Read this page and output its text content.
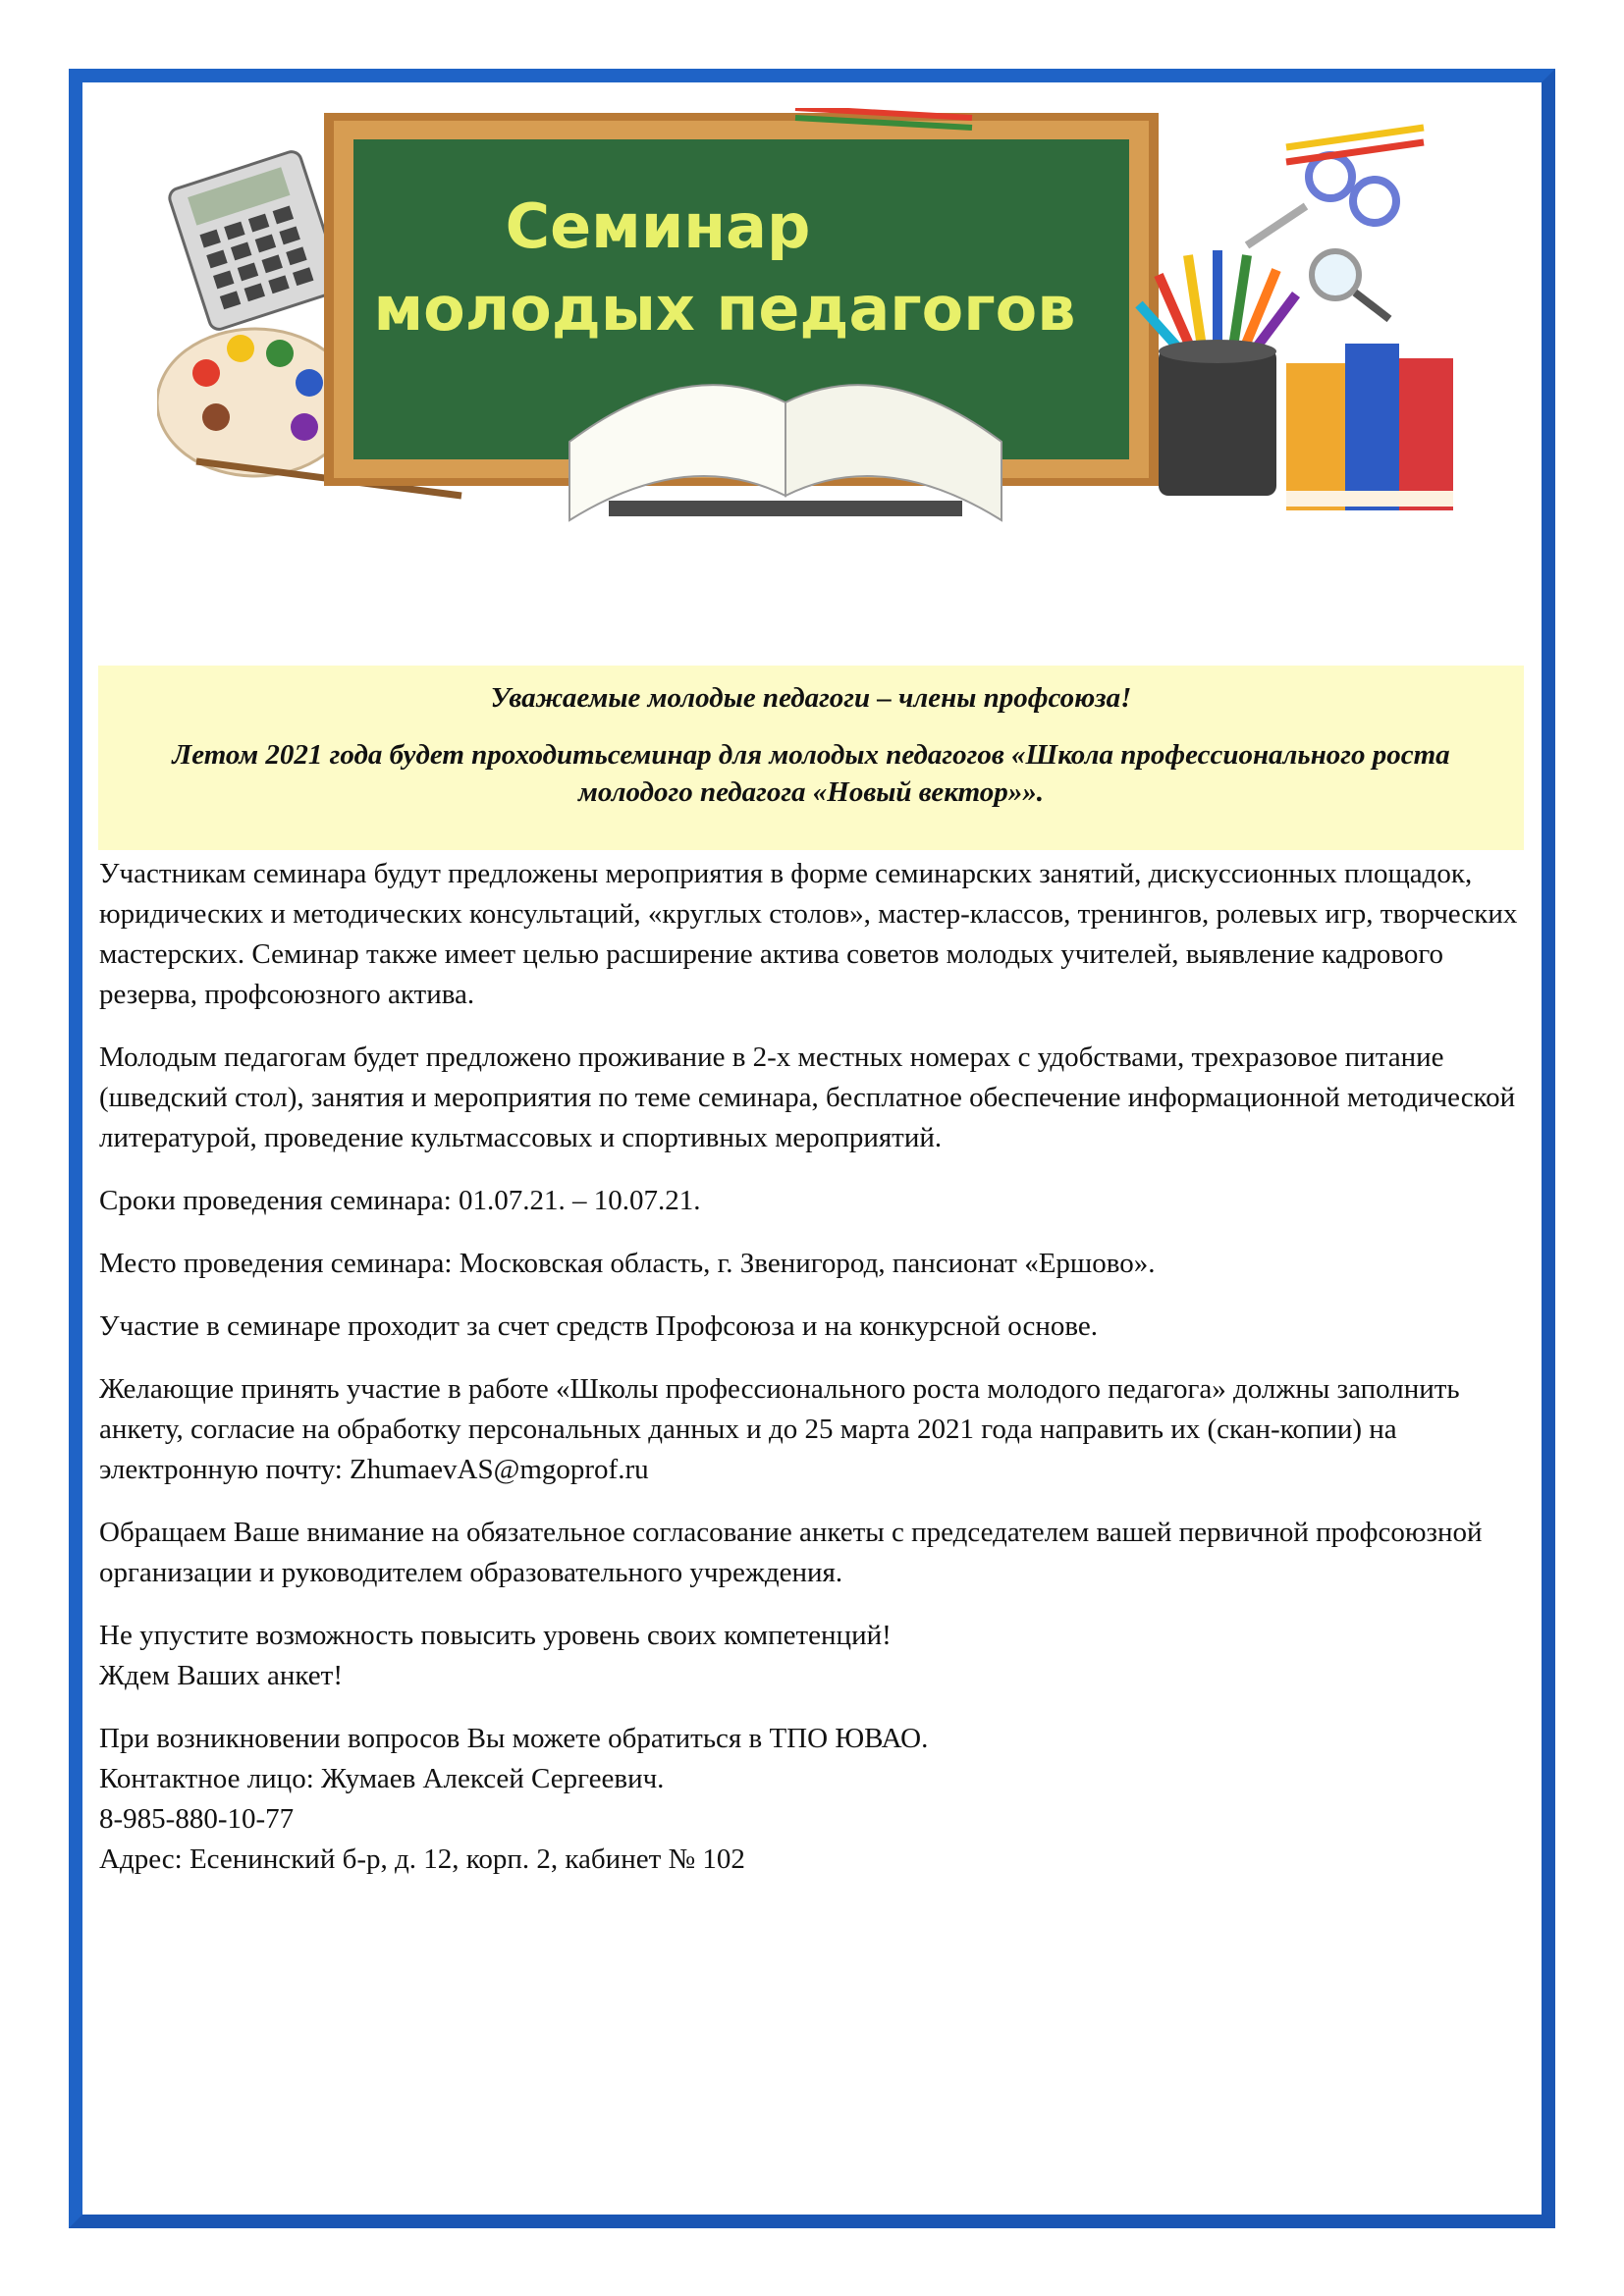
Семинар
молодых педагогов

Уважаемые молодые педагоги – члены профсоюза!

Летом 2021 года будет проходитьсеминар для молодых педагогов «Школа профессионального роста молодого педагога «Новый вектор»».

Участникам семинара будут предложены мероприятия в форме семинарских занятий, дискуссионных площадок, юридических и методических консультаций, «круглых столов», мастер-классов, тренингов, ролевых игр, творческих мастерских. Семинар также имеет целью расширение актива советов молодых учителей, выявление кадрового резерва, профсоюзного актива.

Молодым педагогам будет предложено проживание в 2-х местных номерах с удобствами, трехразовое питание (шведский стол), занятия и мероприятия по теме семинара, бесплатное обеспечение информационной методической литературой, проведение культмассовых и спортивных мероприятий.

Сроки проведения семинара: 01.07.21. – 10.07.21.

Место проведения семинара: Московская область, г. Звенигород, пансионат «Ершово».

Участие в семинаре проходит за счет средств Профсоюза и на конкурсной основе.

Желающие принять участие в работе «Школы профессионального роста молодого педагога» должны заполнить анкету, согласие на обработку персональных данных и до 25 марта 2021 года направить их (скан-копии) на электронную почту: ZhumaevAS@mgoprof.ru

Обращаем Ваше внимание на обязательное согласование анкеты с председателем вашей первичной профсоюзной организации и руководителем образовательного учреждения.

Не упустите возможность повысить уровень своих компетенций!
Ждем Ваших анкет!

При возникновении вопросов Вы можете обратиться в ТПО ЮВАО.
Контактное лицо: Жумаев Алексей Сергеевич.
8-985-880-10-77
Адрес: Есенинский б-р, д. 12, корп. 2, кабинет № 102
